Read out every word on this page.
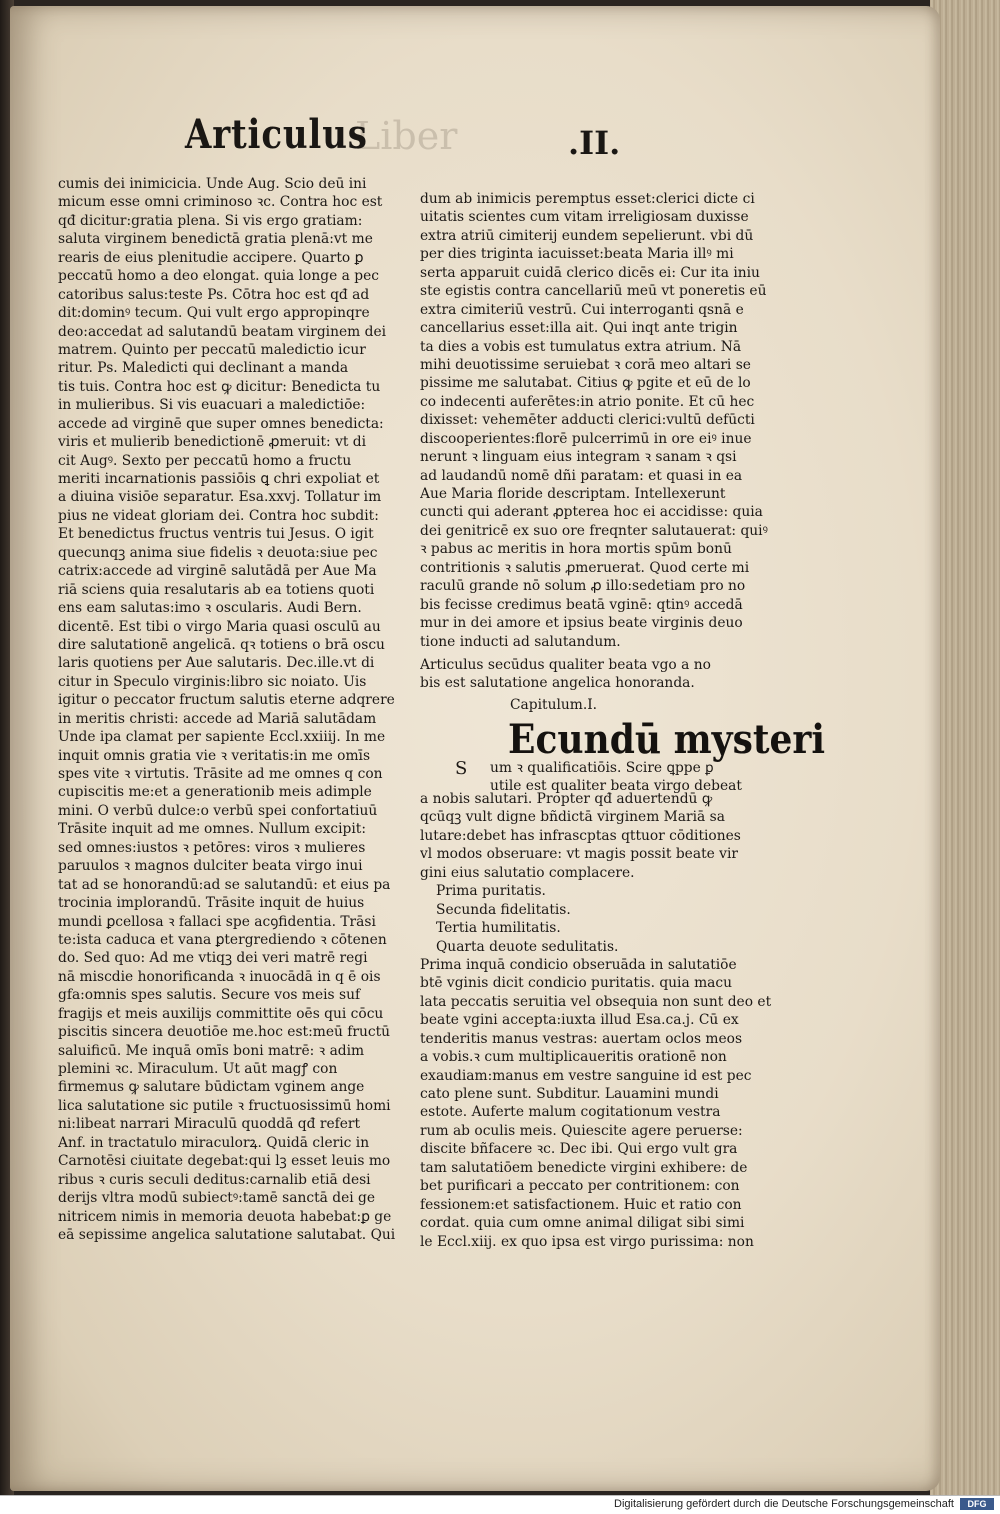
Liber
Articulus	.II.
cumis dei inimicicia. Unde Aug. Scio deū ini
micum esse omni criminoso ꝛc. Contra hoc est
qđ dicitur:gratia plena. Si vis ergo gratiam:
saluta virginem benedictā gratia plenā:vt me
rearis de eius plenitudie accipere. Quarto ꝑ
peccatū homo a deo elongat. quia longe a pec
catoribus salus:teste Ps. Cōtra hoc est qđ ad
dit:dominꝰ tecum. Qui vult ergo appropinqre
deo:accedat ad salutandū beatam virginem dei
matrem. Quinto per peccatū maledictio icur
ritur. Ps. Maledicti qui declinant a manda
tis tuis. Contra hoc est ꝙ dicitur: Benedicta tu
in mulieribus. Si vis euacuari a maledictiōe:
accede ad virginē que super omnes benedicta:
viris et mulierib benedictionē ꝓmeruit: vt di
cit Augꝰ. Sexto per peccatū homo a fructu
meriti incarnationis passiōis ꝗ chri expoliat et
a diuina visiōe separatur. Esa.xxvj. Tollatur im
pius ne videat gloriam dei. Contra hoc subdit:
Et benedictus fructus ventris tui Jesus. O igit
quecunqꝫ anima siue fidelis ꝛ deuota:siue pec
catrix:accede ad virginē salutādā per Aue Ma
riā sciens quia resalutaris ab ea totiens quoti
ens eam salutas:imo ꝛ oscularis. Audi Bern.
dicentē. Est tibi o virgo Maria quasi osculū au
dire salutationē angelicā. qꝛ totiens o brā oscu
laris quotiens per Aue salutaris. Dec.ille.vt di
citur in Speculo virginis:libro sic noiato. Uis
igitur o peccator fructum salutis eterne adqrere
in meritis christi: accede ad Mariā salutādam
Unde ipa clamat per sapiente Eccl.xxiiij. In me
inquit omnis gratia vie ꝛ veritatis:in me omīs
spes vite ꝛ virtutis. Trāsite ad me omnes q con
cupiscitis me:et a generationib meis adimple
mini. O verbū dulce:o verbū spei confortatiuū
Trāsite inquit ad me omnes. Nullum excipit:
sed omnes:iustos ꝛ petōres: viros ꝛ mulieres
paruulos ꝛ magnos dulciter beata virgo inui
tat ad se honorandū:ad se salutandū: et eius pa
trocinia implorandū. Trāsite inquit de huius
mundi ꝑcellosa ꝛ fallaci spe acꝯfidentia. Trāsi
te:ista caduca et vana ꝑtergrediendo ꝛ cōtenen
do. Sed quo: Ad me vtiqꝫ dei veri matrē regi
nā miscdie honorificanda ꝛ inuocādā in q ē ois
gfa:omnis spes salutis. Secure vos meis suf
fragijs et meis auxilijs committite oēs qui cōcu
piscitis sincera deuotiōe me.hoc est:meū fructū
saluificū. Me inquā omīs boni matrē: ꝛ adim
plemini ꝛc. Miraculum. Ut aūt magꝭ con
firmemus ꝙ salutare būdictam vginem ange
lica salutatione sic putile ꝛ fructuosissimū homi
ni:libeat narrari Miraculū quoddā qđ refert
Anf. in tractatulo miraculorꝝ. Quidā cleric in
Carnotēsi ciuitate degebat:qui lꝫ esset leuis mo
ribus ꝛ curis seculi deditus:carnalib etiā desi
derijs vltra modū subiectꝰ:tamē sanctā dei ge
nitricem nimis in memoria deuota habebat:ꝑ ge
eā sepissime angelica salutatione salutabat. Qui
dum ab inimicis peremptus esset:clerici dicte ci
uitatis scientes cum vitam irreligiosam duxisse
extra atriū cimiterij eundem sepelierunt. vbi dū
per dies triginta iacuisset:beata Maria illꝰ mi
serta apparuit cuidā clerico dicēs ei: Cur ita iniu
ste egistis contra cancellariū meū vt poneretis eū
extra cimiteriū vestrū. Cui interroganti qsnā e
cancellarius esset:illa ait. Qui inqt ante trigin
ta dies a vobis est tumulatus extra atrium. Nā
mihi deuotissime seruiebat ꝛ corā meo altari se
pissime me salutabat. Citius ꝙ pgite et eū de lo
co indecenti auferētes:in atrio ponite. Et cū hec
dixisset: vehemēter adducti clerici:vultū defūcti
discooperientes:florē pulcerrimū in ore eiꝰ inue
nerunt ꝛ linguam eius integram ꝛ sanam ꝛ qsi
ad laudandū nomē dñi paratam: et quasi in ea
Aue Maria floride descriptam. Intellexerunt
cuncti qui aderant ꝓpterea hoc ei accidisse: quia
dei genitricē ex suo ore freqnter salutauerat: quiꝰ
ꝛ pabus ac meritis in hora mortis spūm bonū
contritionis ꝛ salutis ꝓmeruerat. Quod certe mi
raculū grande nō solum ꝓ illo:sedetiam pro no
bis fecisse credimus beatā vginē: qtinꝰ accedā
mur in dei amore et ipsius beate virginis deuo
tione inducti ad salutandum.
Articulus secūdus qualiter beata vgo a no
bis est salutatione angelica honoranda.
Capitulum.I.
Ecundū mysteri
S um ꝛ qualificatiōis. Scire ꝗppe ꝑ
utile est qualiter beata virgo debeat
a nobis salutari. Propter qđ aduertendū ꝙ
qcūqꝫ vult digne bñdictā virginem Mariā sa
lutare:debet has infrascptas qttuor cōditiones
vl modos obseruare: vt magis possit beate vir
gini eius salutatio complacere.
Prima puritatis.
Secunda fidelitatis.
Tertia humilitatis.
Quarta deuote sedulitatis.
Prima inquā condicio obseruāda in salutatiōe
btē vginis dicit condicio puritatis. quia macu
lata peccatis seruitia vel obsequia non sunt deo et
beate vgini accepta:iuxta illud Esa.ca.j. Cū ex
tenderitis manus vestras: auertam oclos meos
a vobis.ꝛ cum multiplicaueritis orationē non
exaudiam:manus em vestre sanguine id est pec
cato plene sunt. Subditur. Lauamini mundi
estote. Auferte malum cogitationum vestra
rum ab oculis meis. Quiescite agere peruerse:
discite bñfacere ꝛc. Dec ibi. Qui ergo vult gra
tam salutatiōem benedicte virgini exhibere: de
bet purificari a peccato per contritionem: con
fessionem:et satisfactionem. Huic et ratio con
cordat. quia cum omne animal diligat sibi simi
le Eccl.xiij. ex quo ipsa est virgo purissima: non
Digitalisierung gefördert durch die Deutsche Forschungsgemeinschaft	DFG
